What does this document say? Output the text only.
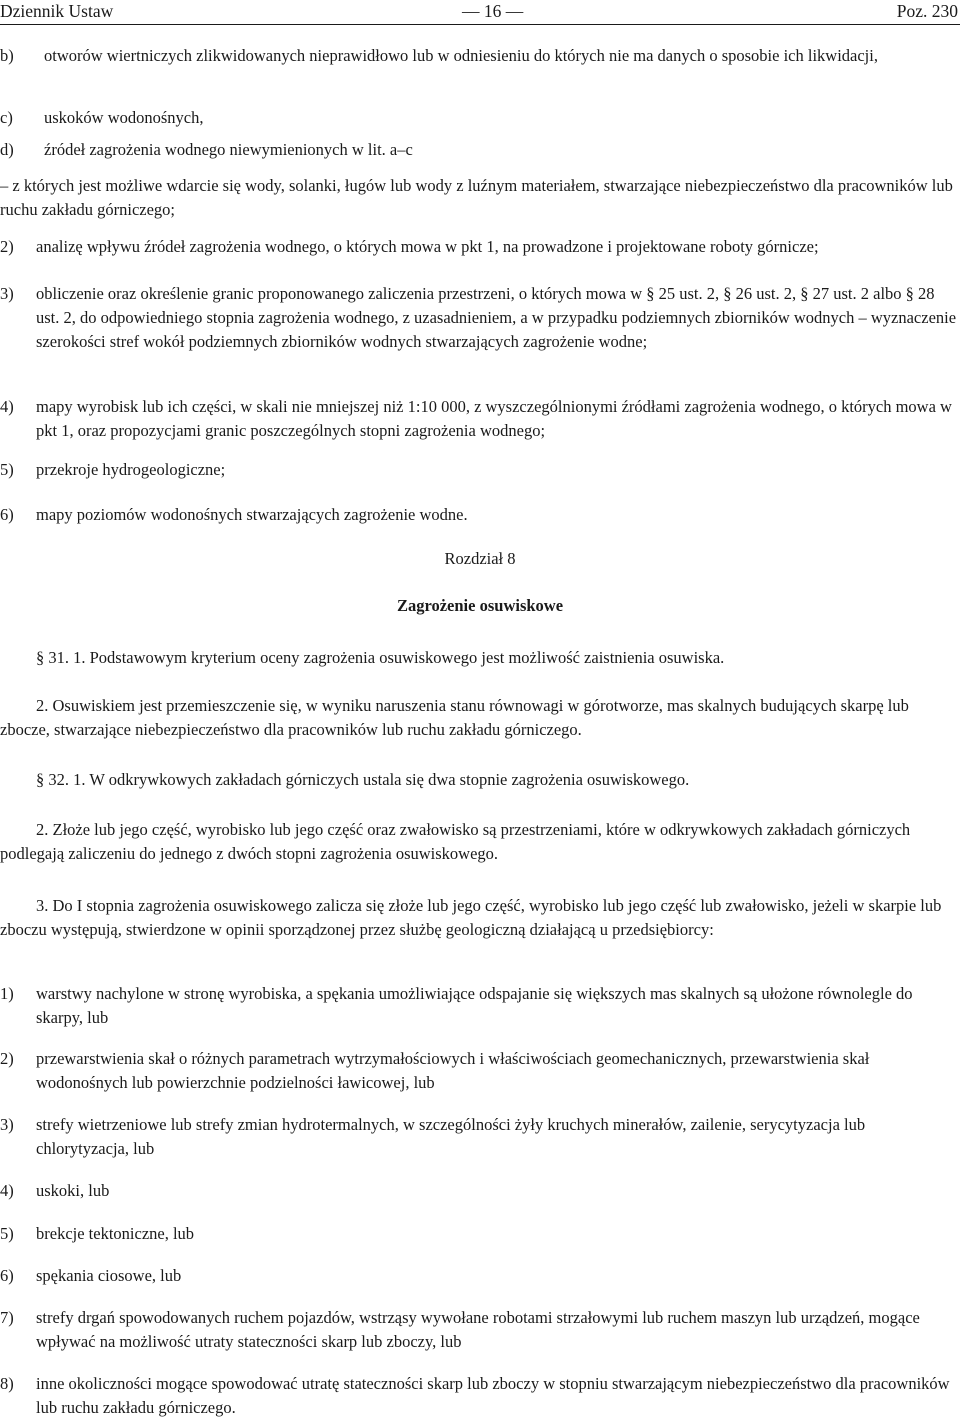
Dziennik Ustaw	— 16 —	Poz. 230

b) otworów wiertniczych zlikwidowanych nieprawidłowo lub w odniesieniu do których nie ma danych o sposobie ich likwidacji,

c) uskoków wodonośnych,

d) źródeł zagrożenia wodnego niewymienionych w lit. a–c

– z których jest możliwe wdarcie się wody, solanki, ługów lub wody z luźnym materiałem, stwarzające niebezpieczeństwo dla pracowników lub ruchu zakładu górniczego;

2) analizę wpływu źródeł zagrożenia wodnego, o których mowa w pkt 1, na prowadzone i projektowane roboty górnicze;

3) obliczenie oraz określenie granic proponowanego zaliczenia przestrzeni, o których mowa w § 25 ust. 2, § 26 ust. 2, § 27 ust. 2 albo § 28 ust. 2, do odpowiedniego stopnia zagrożenia wodnego, z uzasadnieniem, a w przypadku podziemnych zbiorników wodnych – wyznaczenie szerokości stref wokół podziemnych zbiorników wodnych stwarzających zagrożenie wodne;

4) mapy wyrobisk lub ich części, w skali nie mniejszej niż 1:10 000, z wyszczególnionymi źródłami zagrożenia wodnego, o których mowa w pkt 1, oraz propozycjami granic poszczególnych stopni zagrożenia wodnego;

5) przekroje hydrogeologiczne;

6) mapy poziomów wodonośnych stwarzających zagrożenie wodne.

Rozdział 8

Zagrożenie osuwiskowe

§ 31. 1. Podstawowym kryterium oceny zagrożenia osuwiskowego jest możliwość zaistnienia osuwiska.

2. Osuwiskiem jest przemieszczenie się, w wyniku naruszenia stanu równowagi w górotworze, mas skalnych budujących skarpę lub zbocze, stwarzające niebezpieczeństwo dla pracowników lub ruchu zakładu górniczego.

§ 32. 1. W odkrywkowych zakładach górniczych ustala się dwa stopnie zagrożenia osuwiskowego.

2. Złoże lub jego część, wyrobisko lub jego część oraz zwałowisko są przestrzeniami, które w odkrywkowych zakładach górniczych podlegają zaliczeniu do jednego z dwóch stopni zagrożenia osuwiskowego.

3. Do I stopnia zagrożenia osuwiskowego zalicza się złoże lub jego część, wyrobisko lub jego część lub zwałowisko, jeżeli w skarpie lub zboczu występują, stwierdzone w opinii sporządzonej przez służbę geologiczną działającą u przedsiębiorcy:

1) warstwy nachylone w stronę wyrobiska, a spękania umożliwiające odspajanie się większych mas skalnych są ułożone równolegle do skarpy, lub

2) przewarstwienia skał o różnych parametrach wytrzymałościowych i właściwościach geomechanicznych, przewarstwienia skał wodonośnych lub powierzchnie podzielności ławicowej, lub

3) strefy wietrzeniowe lub strefy zmian hydrotermalnych, w szczególności żyły kruchych minerałów, zailenie, serycytyzacja lub chlorytyzacja, lub

4) uskoki, lub

5) brekcje tektoniczne, lub

6) spękania ciosowe, lub

7) strefy drgań spowodowanych ruchem pojazdów, wstrząsy wywołane robotami strzałowymi lub ruchem maszyn lub urządzeń, mogące wpływać na możliwość utraty stateczności skarp lub zboczy, lub

8) inne okoliczności mogące spowodować utratę stateczności skarp lub zboczy w stopniu stwarzającym niebezpieczeństwo dla pracowników lub ruchu zakładu górniczego.
